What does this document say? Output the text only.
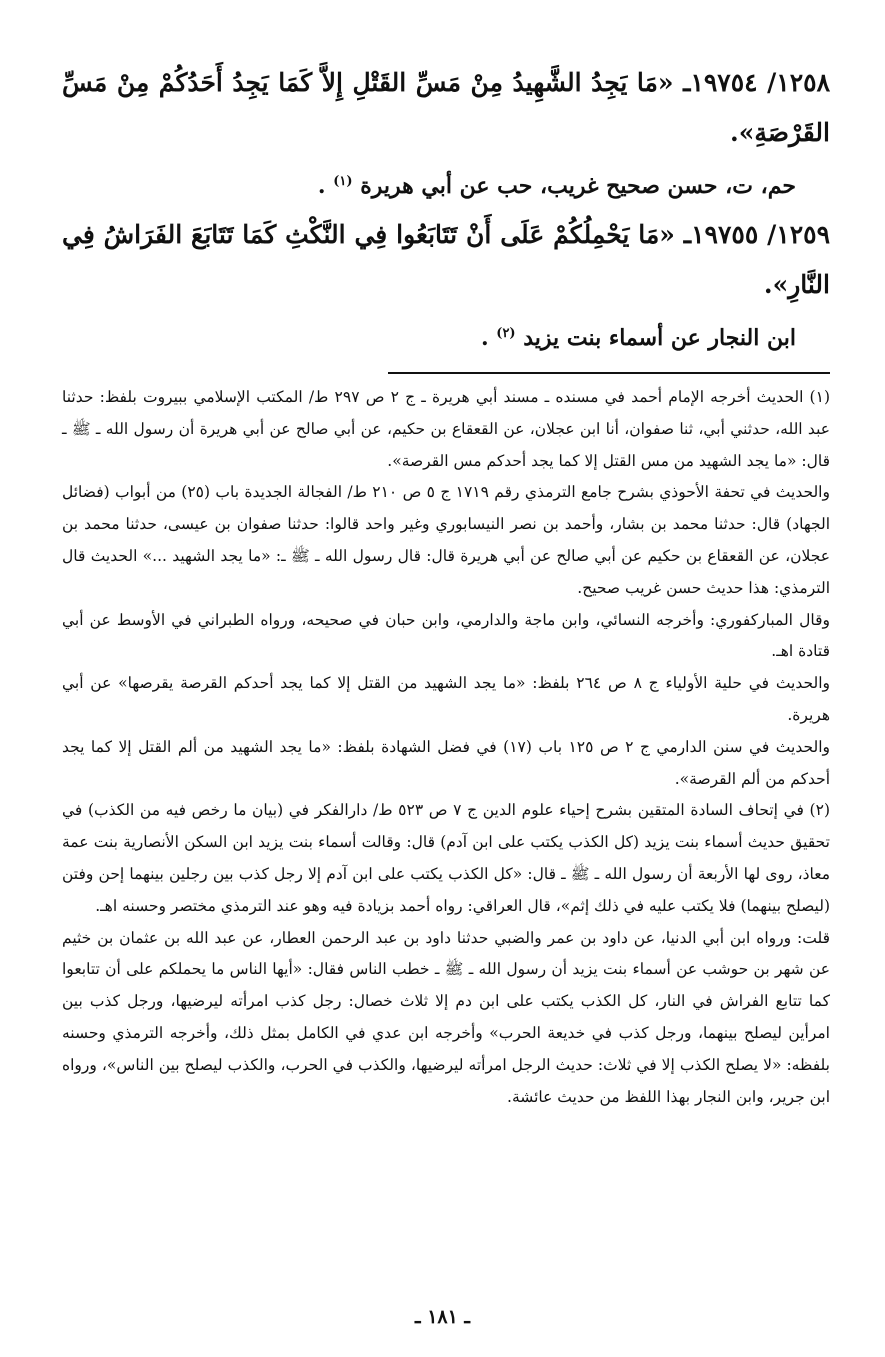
١٢٥٨/ ١٩٧٥٤ـ «مَا يَجِدُ الشَّهِيدُ مِنْ مَسِّ القَتْلِ إِلاَّ كَمَا يَجِدُ أَحَدُكُمْ مِنْ مَسِّ القَرْصَةِ».

حم، ت، حسن صحيح غريب، حب عن أبي هريرة $^{(١)}$ .

١٢٥٩/ ١٩٧٥٥ـ «مَا يَحْمِلُكُمْ عَلَى أَنْ تَتَابَعُوا فِي النَّكْثِ كَمَا تَتَابَعَ الفَرَاشُ فِي النَّارِ».

ابن النجار عن أسماء بنت يزيد $^{(٢)}$ .

(١) الحديث أخرجه الإمام أحمد في مسنده ـ مسند أبي هريرة ـ ج ٢ ص ٢٩٧ ط/ المكتب الإسلامي ببيروت بلفظ: حدثنا عبد الله، حدثني أبي، ثنا صفوان، أنا ابن عجلان، عن القعقاع بن حكيم، عن أبي صالح عن أبي هريرة أن رسول الله ـ ﷺ ـ قال: «ما يجد الشهيد من مس القتل إلا كما يجد أحدكم مس القرصة».

والحديث في تحفة الأحوذي بشرح جامع الترمذي رقم ١٧١٩ ج ٥ ص ٢١٠ ط/ الفجالة الجديدة باب (٢٥) من أبواب (فضائل الجهاد) قال: حدثنا محمد بن بشار، وأحمد بن نصر النيسابوري وغير واحد قالوا: حدثنا صفوان بن عيسى، حدثنا محمد بن عجلان، عن القعقاع بن حكيم عن أبي صالح عن أبي هريرة قال: قال رسول الله ـ ﷺ ـ: «ما يجد الشهيد ...» الحديث قال الترمذي: هذا حديث حسن غريب صحيح.

وقال المباركفوري: وأخرجه النسائي، وابن ماجة والدارمي، وابن حبان في صحيحه، ورواه الطبراني في الأوسط عن أبي قتادة اهـ.

والحديث في حلية الأولياء ج ٨ ص ٢٦٤ بلفظ: «ما يجد الشهيد من القتل إلا كما يجد أحدكم القرصة يقرصها» عن أبي هريرة.

والحديث في سنن الدارمي ج ٢ ص ١٢٥ باب (١٧) في فضل الشهادة بلفظ: «ما يجد الشهيد من ألم القتل إلا كما يجد أحدكم من ألم القرصة».

(٢) في إتحاف السادة المتقين بشرح إحياء علوم الدين ج ٧ ص ٥٢٣ ط/ دارالفكر في (بيان ما رخص فيه من الكذب) في تحقيق حديث أسماء بنت يزيد (كل الكذب يكتب على ابن آدم) قال: وقالت أسماء بنت يزيد ابن السكن الأنصارية بنت عمة معاذ، روى لها الأربعة أن رسول الله ـ ﷺ ـ قال: «كل الكذب يكتب على ابن آدم إلا رجل كذب بين رجلين بينهما إحن وفتن (ليصلح بينهما) فلا يكتب عليه في ذلك إثم»، قال العراقي: رواه أحمد بزيادة فيه وهو عند الترمذي مختصر وحسنه اهـ.

قلت: ورواه ابن أبي الدنيا، عن داود بن عمر والضبي حدثنا داود بن عبد الرحمن العطار، عن عبد الله بن عثمان بن خثيم عن شهر بن حوشب عن أسماء بنت يزيد أن رسول الله ـ ﷺ ـ خطب الناس فقال: «أيها الناس ما يحملكم على أن تتابعوا كما تتابع الفراش في النار، كل الكذب يكتب على ابن دم إلا ثلاث خصال: رجل كذب امرأته ليرضيها، ورجل كذب بين امرأين ليصلح بينهما، ورجل كذب في خديعة الحرب» وأخرجه ابن عدي في الكامل بمثل ذلك، وأخرجه الترمذي وحسنه بلفظه: «لا يصلح الكذب إلا في ثلاث: حديث الرجل امرأته ليرضيها، والكذب في الحرب، والكذب ليصلح بين الناس»، ورواه ابن جرير، وابن النجار بهذا اللفظ من حديث عائشة.

ـ ١٨١ ـ
